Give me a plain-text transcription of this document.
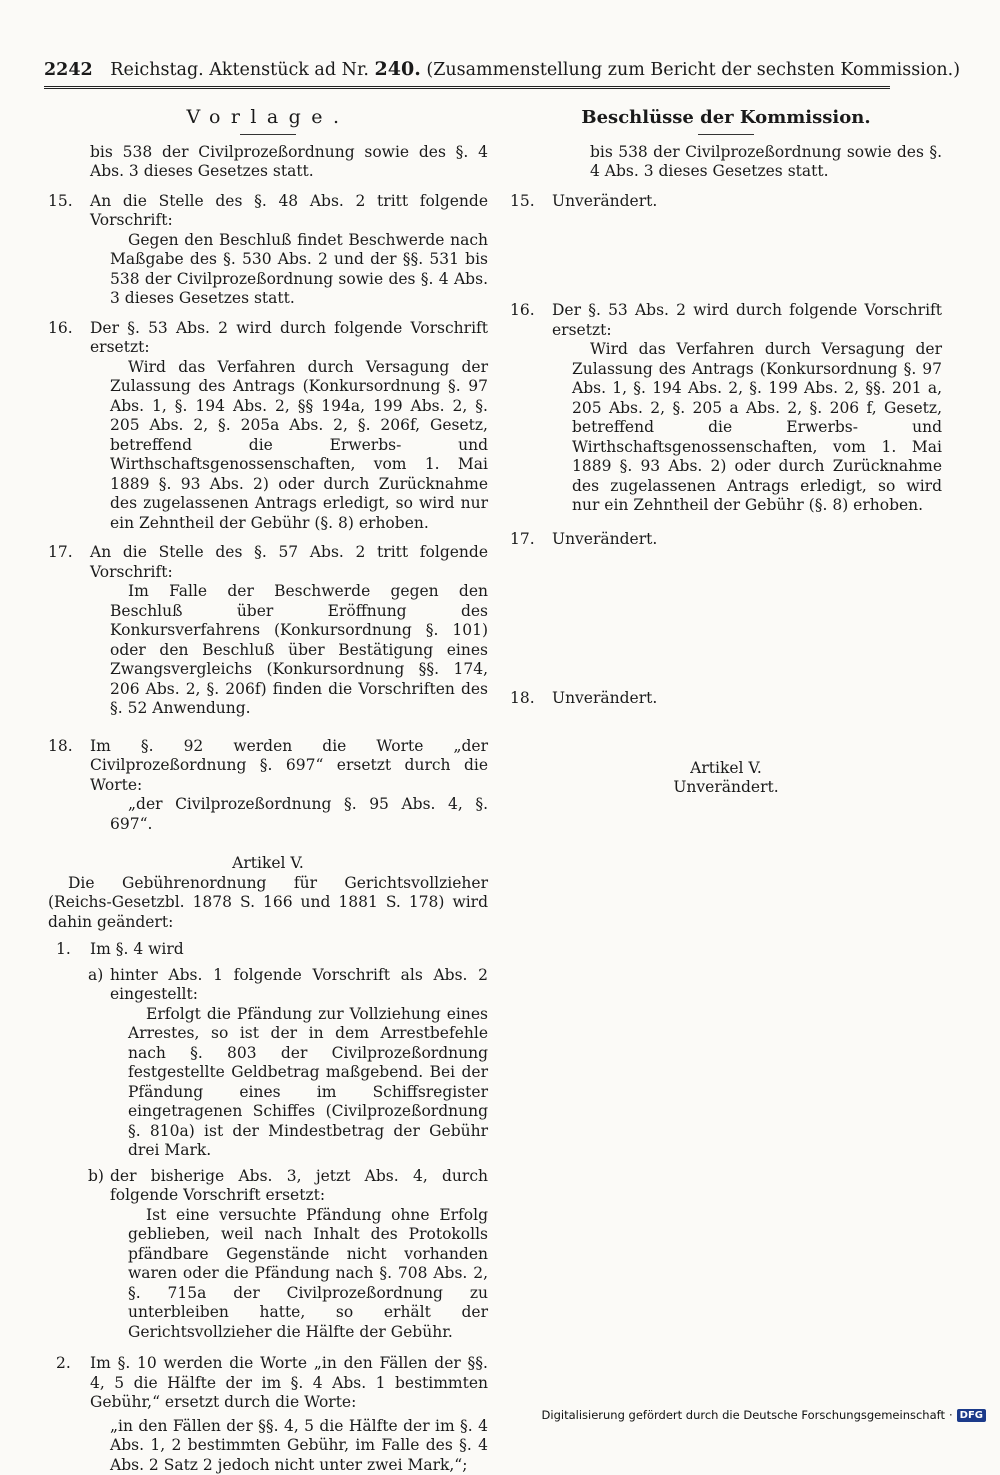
2242 Reichstag. Aktenstück ad Nr. 240. (Zusammenstellung zum Bericht der sechsten Kommission.)
Vorlage.

bis 538 der Civilprozeßordnung sowie des §. 4 Abs. 3 dieses Gesetzes statt.

15. An die Stelle des §. 48 Abs. 2 tritt folgende Vorschrift:

Gegen den Beschluß findet Beschwerde nach Maßgabe des §. 530 Abs. 2 und der §§. 531 bis 538 der Civilprozeßordnung sowie des §. 4 Abs. 3 dieses Gesetzes statt.

16. Der §. 53 Abs. 2 wird durch folgende Vorschrift ersetzt:

Wird das Verfahren durch Versagung der Zulassung des Antrags (Konkursordnung §. 97 Abs. 1, §. 194 Abs. 2, §§ 194a, 199 Abs. 2, §. 205 Abs. 2, §. 205a Abs. 2, §. 206f, Gesetz, betreffend die Erwerbs- und Wirthschaftsgenossenschaften, vom 1. Mai 1889 §. 93 Abs. 2) oder durch Zurücknahme des zugelassenen Antrags erledigt, so wird nur ein Zehntheil der Gebühr (§. 8) erhoben.

17. An die Stelle des §. 57 Abs. 2 tritt folgende Vorschrift:

Im Falle der Beschwerde gegen den Beschluß über Eröffnung des Konkursverfahrens (Konkursordnung §. 101) oder den Beschluß über Bestätigung eines Zwangsvergleichs (Konkursordnung §§. 174, 206 Abs. 2, §. 206f) finden die Vorschriften des §. 52 Anwendung.

18. Im §. 92 werden die Worte „der Civilprozeßordnung §. 697“ ersetzt durch die Worte:

„der Civilprozeßordnung §. 95 Abs. 4, §. 697“.

Artikel V.

Die Gebührenordnung für Gerichtsvollzieher (Reichs-Gesetzbl. 1878 S. 166 und 1881 S. 178) wird dahin geändert:

1. Im §. 4 wird
a) hinter Abs. 1 folgende Vorschrift als Abs. 2 eingestellt:

Erfolgt die Pfändung zur Vollziehung eines Arrestes, so ist der in dem Arrestbefehle nach §. 803 der Civilprozeßordnung festgestellte Geldbetrag maßgebend. Bei der Pfändung eines im Schiffsregister eingetragenen Schiffes (Civilprozeßordnung §. 810a) ist der Mindestbetrag der Gebühr drei Mark.

b) der bisherige Abs. 3, jetzt Abs. 4, durch folgende Vorschrift ersetzt:

Ist eine versuchte Pfändung ohne Erfolg geblieben, weil nach Inhalt des Protokolls pfändbare Gegenstände nicht vorhanden waren oder die Pfändung nach §. 708 Abs. 2, §. 715a der Civilprozeßordnung zu unterbleiben hatte, so erhält der Gerichtsvollzieher die Hälfte der Gebühr.

2. Im §. 10 werden die Worte „in den Fällen der §§. 4, 5 die Hälfte der im §. 4 Abs. 1 bestimmten Gebühr,“ ersetzt durch die Worte:

„in den Fällen der §§. 4, 5 die Hälfte der im §. 4 Abs. 1, 2 bestimmten Gebühr, im Falle des §. 4 Abs. 2 Satz 2 jedoch nicht unter zwei Mark,“;

Beschlüsse der Kommission.

bis 538 der Civilprozeßordnung sowie des §. 4 Abs. 3 dieses Gesetzes statt.

15. Unverändert.
16. Der §. 53 Abs. 2 wird durch folgende Vorschrift ersetzt:

Wird das Verfahren durch Versagung der Zulassung des Antrags (Konkursordnung §. 97 Abs. 1, §. 194 Abs. 2, §. 199 Abs. 2, §§. 201 a, 205 Abs. 2, §. 205 a Abs. 2, §. 206 f, Gesetz, betreffend die Erwerbs- und Wirthschaftsgenossenschaften, vom 1. Mai 1889 §. 93 Abs. 2) oder durch Zurücknahme des zugelassenen Antrags erledigt, so wird nur ein Zehntheil der Gebühr (§. 8) erhoben.

17. Unverändert.
18. Unverändert.
Artikel V.
Unverändert.
Digitalisierung gefördert durch die Deutsche Forschungsgemeinschaft · DFG
